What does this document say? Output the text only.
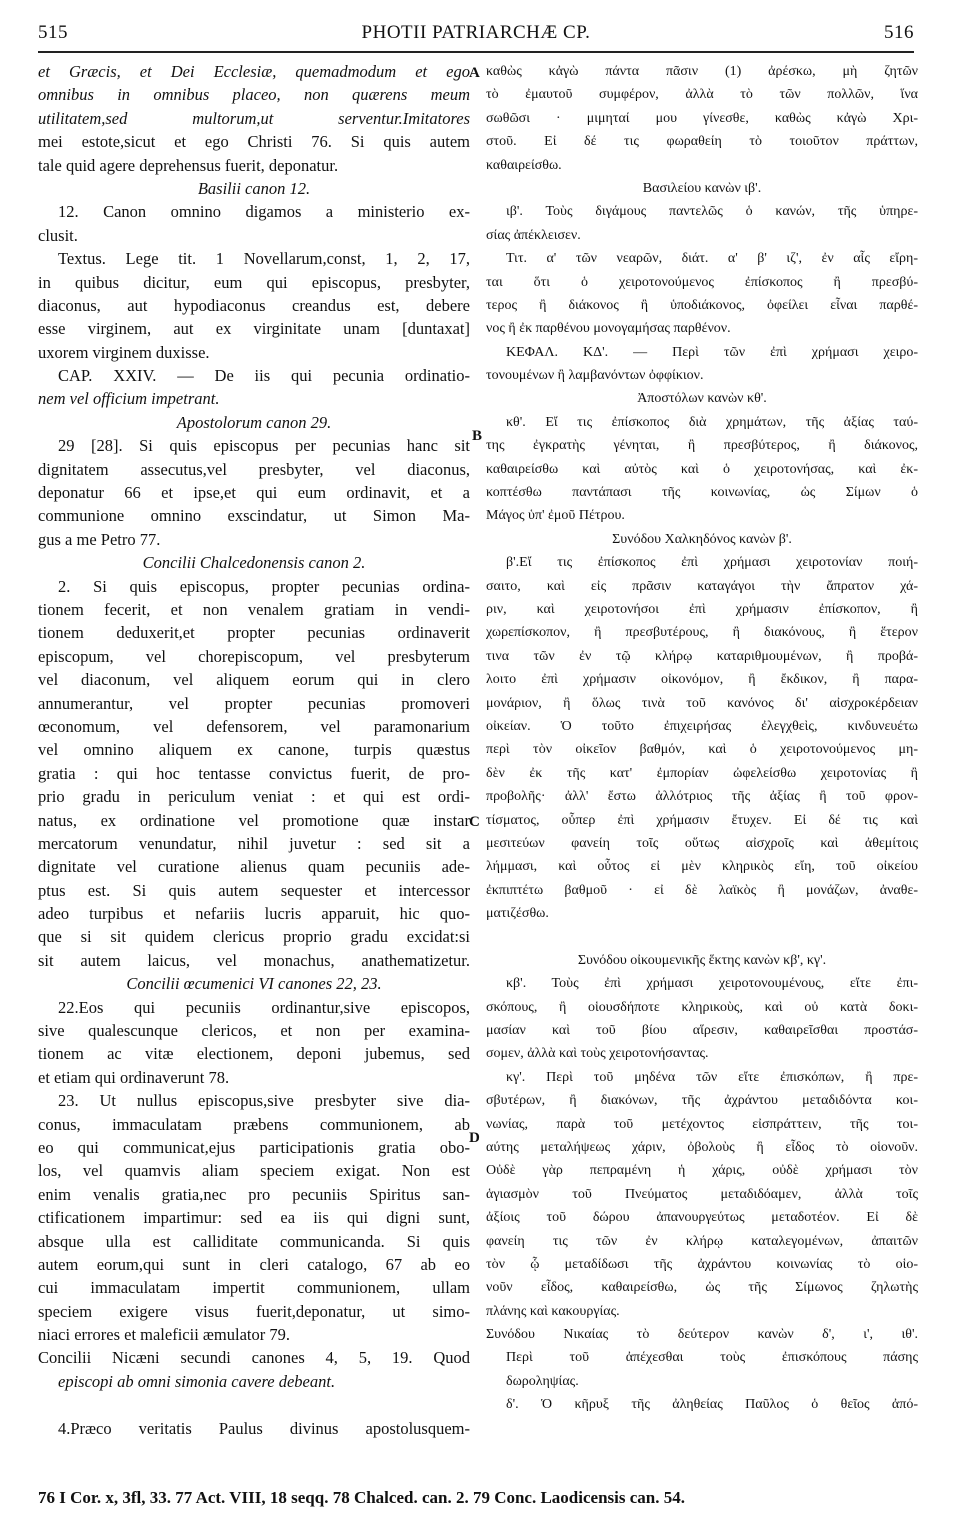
515	PHOTII PATRIARCHÆ CP.	516
et Græcis, et Dei Ecclesiæ, quemadmodum et ego
omnibus in omnibus placeo, non quærens meum
utilitatem,sed multorum,ut serventur.Imitatores
mei estote,sicut et ego Christi 76. Si quis autem
tale quid agere deprehensus fuerit, deponatur.
Basilii canon 12.
12. Canon omnino digamos a ministerio ex-
clusit.
Textus. Lege tit. 1 Novellarum,const, 1, 2, 17,
in quibus dicitur, eum qui episcopus, presbyter,
diaconus, aut hypodiaconus creandus est, debere
esse virginem, aut ex virginitate unam [duntaxat]
uxorem virginem duxisse.
CAP. XXIV. — De iis qui pecunia ordinatio-
nem vel officium impetrant.
Apostolorum canon 29.
29 [28]. Si quis episcopus per pecunias hanc sit
dignitatem assecutus,vel presbyter, vel diaconus,
deponatur 66 et ipse,et qui eum ordinavit, et a
communione omnino exscindatur, ut Simon Ma-
gus a me Petro 77.
Concilii Chalcedonensis canon 2.
2. Si quis episcopus, propter pecunias ordina-
tionem fecerit, et non venalem gratiam in vendi-
tionem deduxerit,et propter pecunias ordinaverit
episcopum, vel chorepiscopum, vel presbyterum
vel diaconum, vel aliquem eorum qui in clero
annumerantur, vel propter pecunias promoveri
œconomum, vel defensorem, vel paramonarium
vel omnino aliquem ex canone, turpis quæstus
gratia : qui hoc tentasse convictus fuerit, de pro-
prio gradu in periculum veniat : et qui est ordi-
natus, ex ordinatione vel promotione quæ instar
mercatorum venundatur, nihil juvetur : sed sit a
dignitate vel curatione alienus quam pecuniis ade-
ptus est. Si quis autem sequester et intercessor
adeo turpibus et nefariis lucris apparuit, hic quo-
que si sit quidem clericus proprio gradu excidat:si
sit autem laicus, vel monachus, anathematizetur.
Concilii œcumenici VI canones 22, 23.
22.Eos qui pecuniis ordinantur,sive episcopos,
sive qualescunque clericos, et non per examina-
tionem ac vitæ electionem, deponi jubemus, sed
et etiam qui ordinaverunt 78.
23. Ut nullus episcopus,sive presbyter sive dia-
conus, immaculatam præbens communionem, ab
eo qui communicat,ejus participationis gratia obo-
los, vel quamvis aliam speciem exigat. Non est
enim venalis gratia,nec pro pecuniis Spiritus san-
ctificationem impartimur: sed ea iis qui digni sunt,
absque ulla est calliditate communicanda. Si quis
autem eorum,qui sunt in cleri catalogo, 67 ab eo
cui immaculatam impertit communionem, ullam
speciem exigere visus fuerit,deponatur, ut simo-
niaci errores et maleficii æmulator 79.
Concilii Nicæni secundi canones 4, 5, 19. Quod
episcopi ab omni simonia cavere debeant.
4.Præco veritatis Paulus divinus apostolusquem-
καθὼς κἀγὼ πάντα πᾶσιν (1) ἀρέσκω, μὴ ζητῶν
τὸ ἐμαυτοῦ συμφέρον, ἀλλὰ τὸ τῶν πολλῶν, ἵνα
σωθῶσι · μιμηταί μου γίνεσθε, καθὼς κἀγὼ Χρι-
στοῦ. Εἰ δέ τις φωραθείη τὸ τοιοῦτον πράττων,
καθαιρείσθω.
Βασιλείου κανὼν ιβ'.
ιβ'. Τοὺς διγάμους παντελῶς ὁ κανών, τῆς ὑπηρε-
σίας ἀπέκλεισεν.
Τιτ. α' τῶν νεαρῶν, διάτ. α' β' ιζ', ἐν αἷς εἴρη-
ται ὅτι ὁ χειροτονούμενος ἐπίσκοπος ἢ πρεσβύ-
τερος ἢ διάκονος ἢ ὑποδιάκονος, ὀφείλει εἶναι παρθέ-
νος ἢ ἐκ παρθένου μονογαμήσας παρθένον.
ΚΕΦΑΛ. ΚΔ'. — Περὶ τῶν ἐπὶ χρήμασι χειρο-
τονουμένων ἢ λαμβανόντων ὀφφίκιον.
Ἀποστόλων κανὼν κθ'.
κθ'. Εἴ τις ἐπίσκοπος διὰ χρημάτων, τῆς ἀξίας ταύ-
της ἐγκρατὴς γένηται, ἢ πρεσβύτερος, ἢ διάκονος,
καθαιρείσθω καὶ αὐτὸς καὶ ὁ χειροτονήσας, καὶ ἐκ-
κοπτέσθω παντάπασι τῆς κοινωνίας, ὡς Σίμων ὁ
Μάγος ὑπ' ἐμοῦ Πέτρου.
Συνόδου Χαλκηδόνος κανὼν β'.
β'.Εἴ τις ἐπίσκοπος ἐπὶ χρήμασι χειροτονίαν ποιή-
σαιτο, καὶ εἰς πρᾶσιν καταγάγοι τὴν ἄπρατον χά-
ριν, καὶ χειροτονήσοι ἐπὶ χρήμασιν ἐπίσκοπον, ἢ
χωρεπίσκοπον, ἢ πρεσβυτέρους, ἢ διακόνους, ἢ ἕτερον
τινα τῶν ἐν τῷ κλήρῳ καταριθμουμένων, ἢ προβά-
λοιτο ἐπὶ χρήμασιν οἰκονόμον, ἢ ἔκδικον, ἢ παρα-
μονάριον, ἢ ὅλως τινὰ τοῦ κανόνος δι' αἰσχροκέρδειαν
οἰκείαν. Ὁ τοῦτο ἐπιχειρήσας ἐλεγχθεὶς, κινδυνευέτω
περὶ τὸν οἰκεῖον βαθμόν, καὶ ὁ χειροτονούμενος μη-
δὲν ἐκ τῆς κατ' ἐμπορίαν ὠφελείσθω χειροτονίας ἢ
προβολῆς· ἀλλ' ἔστω ἀλλότριος τῆς ἀξίας ἢ τοῦ φρον-
τίσματος, οὗπερ ἐπὶ χρήμασιν ἔτυχεν. Εἰ δέ τις καὶ
μεσιτεύων φανείη τοῖς οὕτως αἰσχροῖς καὶ ἀθεμίτοις
λήμμασι, καὶ οὗτος εἰ μὲν κληρικὸς εἴη, τοῦ οἰκείου
ἐκπιπτέτω βαθμοῦ · εἰ δὲ λαϊκὸς ἢ μονάζων, ἀναθε-
ματιζέσθω.
Συνόδου οἰκουμενικῆς ἕκτης κανὼν κβ', κγ'.
κβ'. Τοὺς ἐπὶ χρήμασι χειροτονουμένους, εἴτε ἐπι-
σκόπους, ἢ οἱουσδήποτε κληρικοὺς, καὶ οὐ κατὰ δοκι-
μασίαν καὶ τοῦ βίου αἵρεσιν, καθαιρεῖσθαι προστάσ-
σομεν, ἀλλὰ καὶ τοὺς χειροτονήσαντας.
κγ'. Περὶ τοῦ μηδένα τῶν εἴτε ἐπισκόπων, ἢ πρε-
σβυτέρων, ἢ διακόνων, τῆς ἀχράντου μεταδιδόντα κοι-
νωνίας, παρὰ τοῦ μετέχοντος εἰσπράττειν, τῆς τοι-
αύτης μεταλήψεως χάριν, ὀβολοὺς ἢ εἶδος τὸ οἱονοῦν.
Οὐδὲ γὰρ πεπραμένη ἡ χάρις, οὐδὲ χρήμασι τὸν
ἁγιασμὸν τοῦ Πνεύματος μεταδιδόαμεν, ἀλλὰ τοῖς
ἀξίοις τοῦ δώρου ἀπανουργεύτως μεταδοτέον. Εἰ δὲ
φανείη τις τῶν ἐν κλήρῳ καταλεγομένων, ἀπαιτῶν
τὸν ᾧ μεταδίδωσι τῆς ἀχράντου κοινωνίας τὸ οἱο-
νοῦν εἶδος, καθαιρείσθω, ὡς τῆς Σίμωνος ζηλωτὴς
πλάνης καὶ κακουργίας.
Συνόδου Νικαίας τὸ δεύτερον κανὼν δ', ι', ιθ'.
Περὶ τοῦ ἀπέχεσθαι τοὺς ἐπισκόπους πάσης
δωροληψίας.
δ'. Ὁ κῆρυξ τῆς ἀληθείας Παῦλος ὁ θεῖος ἀπό-
A
B
C
D
76 I Cor. x, 3fl, 33. 77 Act. VIII, 18 seqq. 78 Chalced. can. 2. 79 Conc. Laodicensis can. 54.
